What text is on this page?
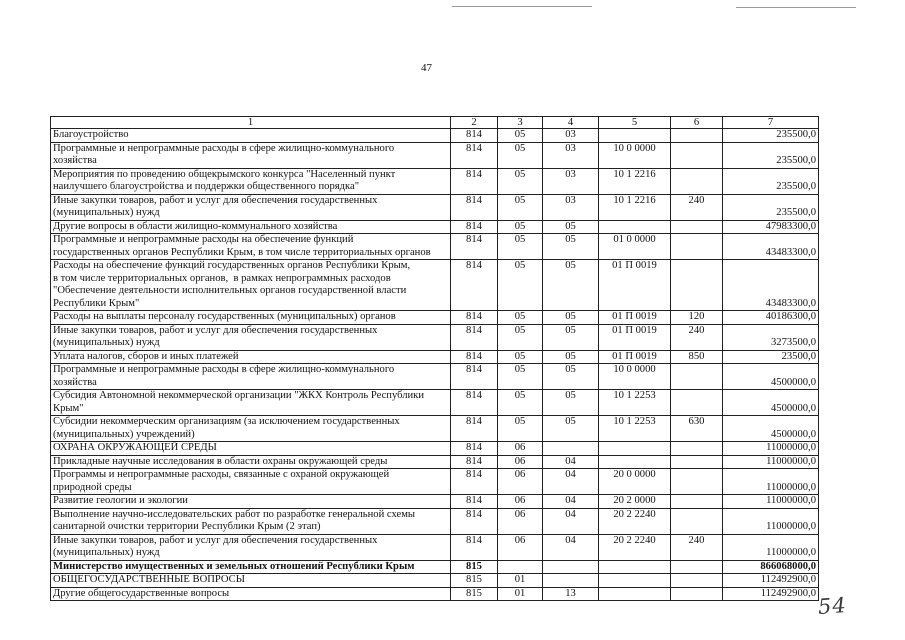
47
1	2	3	4	5	6	7
Благоустройство	814	05	03			235500,0
Программные и непрограммные расходы в сфере жилищно-коммунального
хозяйства	814	05	03	10 0 0000		235500,0
Мероприятия по проведению общекрымского конкурса "Населенный пункт
наилучшего благоустройства и поддержки общественного порядка"	814	05	03	10 1 2216		235500,0
Иные закупки товаров, работ и услуг для обеспечения государственных
(муниципальных) нужд	814	05	03	10 1 2216	240	235500,0
Другие вопросы в области жилищно-коммунального хозяйства	814	05	05			47983300,0
Программные и непрограммные расходы на обеспечение функций
государственных органов Республики Крым, в том числе территориальных органов	814	05	05	01 0 0000		43483300,0
Расходы на обеспечение функций государственных органов Республики Крым,
в том числе территориальных органов,  в рамках непрограммных расходов
"Обеспечение деятельности исполнительных органов государственной власти
Республики Крым"	814	05	05	01 П 0019		43483300,0
Расходы на выплаты персоналу государственных (муниципальных) органов	814	05	05	01 П 0019	120	40186300,0
Иные закупки товаров, работ и услуг для обеспечения государственных
(муниципальных) нужд	814	05	05	01 П 0019	240	3273500,0
Уплата налогов, сборов и иных платежей	814	05	05	01 П 0019	850	23500,0
Программные и непрограммные расходы в сфере жилищно-коммунального
хозяйства	814	05	05	10 0 0000		4500000,0
Субсидия Автономной некоммерческой организации "ЖКХ Контроль Республики
Крым"	814	05	05	10 1 2253		4500000,0
Субсидии некоммерческим организациям (за исключением государственных
(муниципальных) учреждений)	814	05	05	10 1 2253	630	4500000,0
ОХРАНА ОКРУЖАЮЩЕЙ СРЕДЫ	814	06				11000000,0
Прикладные научные исследования в области охраны окружающей среды	814	06	04			11000000,0
Программы и непрограммные расходы, связанные с охраной окружающей
природной среды	814	06	04	20 0 0000		11000000,0
Развитие геологии и экологии	814	06	04	20 2 0000		11000000,0
Выполнение научно-исследовательских работ по разработке генеральной схемы
санитарной очистки территории Республики Крым (2 этап)	814	06	04	20 2 2240		11000000,0
Иные закупки товаров, работ и услуг для обеспечения государственных
(муниципальных) нужд	814	06	04	20 2 2240	240	11000000,0
Министерство имущественных и земельных отношений Республики Крым	815					866068000,0
ОБЩЕГОСУДАРСТВЕННЫЕ ВОПРОСЫ	815	01				112492900,0
Другие общегосударственные вопросы	815	01	13			112492900,0
54
